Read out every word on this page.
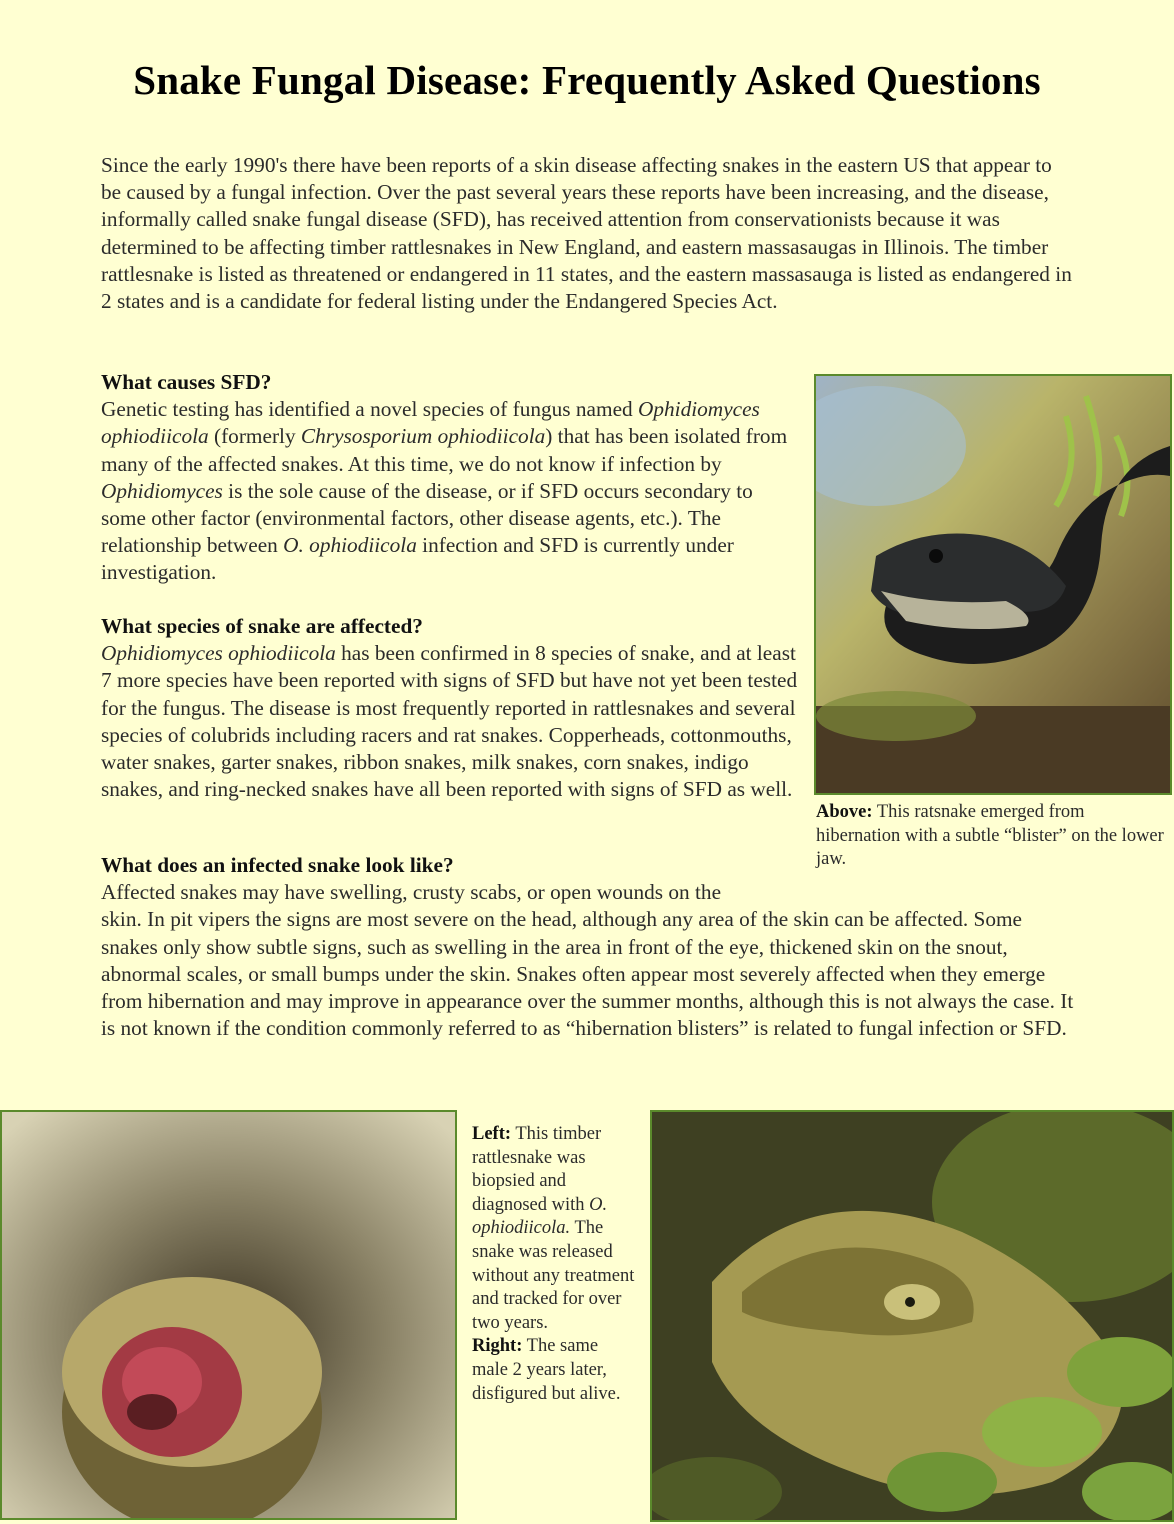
Snake Fungal Disease: Frequently Asked Questions

Since the early 1990's there have been reports of a skin disease affecting snakes in the eastern US that appear to be caused by a fungal infection. Over the past several years these reports have been increasing, and the disease, informally called snake fungal disease (SFD), has received attention from conservationists because it was determined to be affecting timber rattlesnakes in New England, and eastern massasaugas in Illinois. The timber rattlesnake is listed as threatened or endangered in 11 states, and the eastern massasauga is listed as endangered in 2 states and is a candidate for federal listing under the Endangered Species Act.

What causes SFD?

Genetic testing has identified a novel species of fungus named Ophidiomyces ophiodiicola (formerly Chrysosporium ophiodiicola) that has been isolated from many of the affected snakes. At this time, we do not know if infection by Ophidiomyces is the sole cause of the disease, or if SFD occurs secondary to some other factor (environmental factors, other disease agents, etc.). The relationship between O. ophiodiicola infection and SFD is currently under investigation.

What species of snake are affected?

Ophidiomyces ophiodiicola has been confirmed in 8 species of snake, and at least 7 more species have been reported with signs of SFD but have not yet been tested for the fungus. The disease is most frequently reported in rattlesnakes and several species of colubrids including racers and rat snakes. Copperheads, cottonmouths, water snakes, garter snakes, ribbon snakes, milk snakes, corn snakes, indigo snakes, and ring-necked snakes have all been reported with signs of SFD as well.

What does an infected snake look like?

Affected snakes may have swelling, crusty scabs, or open wounds on the
skin. In pit vipers the signs are most severe on the head, although any area of the skin can be affected. Some snakes only show subtle signs, such as swelling in the area in front of the eye, thickened skin on the snout, abnormal scales, or small bumps under the skin. Snakes often appear most severely affected when they emerge from hibernation and may improve in appearance over the summer months, although this is not always the case. It is not known if the condition commonly referred to as “hibernation blisters” is related to fungal infection or SFD.

Above: This ratsnake emerged from hibernation with a subtle “blister” on the lower jaw.
Left: This timber rattlesnake was biopsied and diagnosed with O. ophiodiicola. The snake was released without any treatment and tracked for over two years.
Right: The same male 2 years later, disfigured but alive.
